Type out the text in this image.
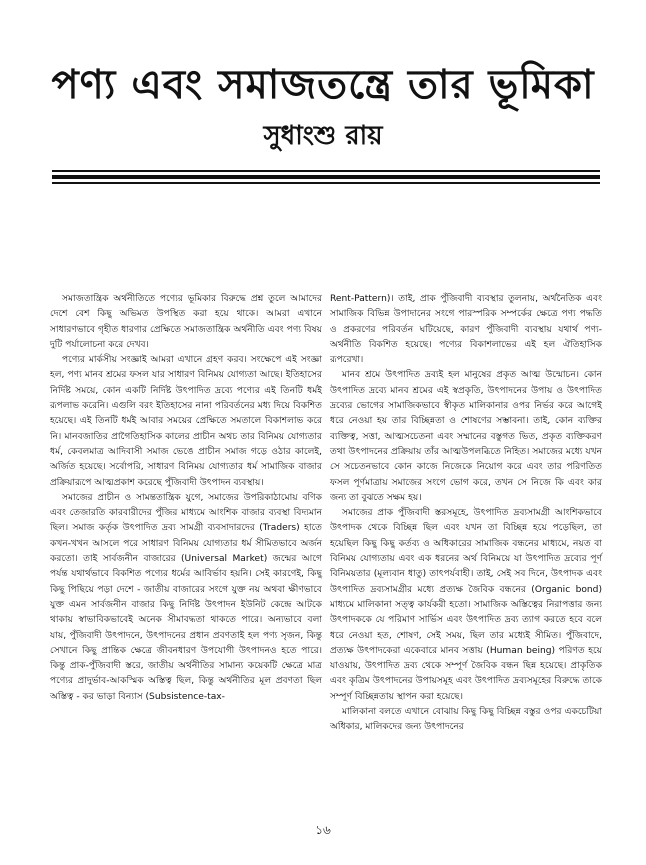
পণ্য এবং সমাজতন্ত্রে তার ভূমিকা
সুধাংশু রায়

সমাজতান্ত্রিক অর্থনীতিতে পণ্যের ভূমিকার বিরুদ্ধে প্রশ্ন তুলে আমাদের দেশে বেশ কিছু অভিমত উপস্থিত করা হয়ে থাকে। আমরা এখানে সাধারণভাবে গৃহীত ধারণার প্রেক্ষিতে সমাজতান্ত্রিক অর্থনীতি এবং পণ্য বিষয় দুটি পর্যালোচনা করে দেখব।

পণ্যের মার্কসীয় সংজ্ঞাই আমরা এখানে গ্রহণ করব। সংক্ষেপে এই সংজ্ঞা হল, পণ্য মানব শ্রমের ফসল যার সাধারণ বিনিময় যোগ্যতা আছে। ইতিহাসের নির্দিষ্ট সময়ে, কোন একটি নির্দিষ্ট উৎপাদিত দ্রব্যে পণ্যের এই তিনটি ধর্মই রূপলাভ করেনি। এগুলি বরং ইতিহাসের নানা পরিবর্তনের মধ্য দিয়ে বিকশিত হয়েছে। এই তিনটি ধর্মই আবার সময়ের প্রেক্ষিতে সমতালে বিকাশলাভ করে নি। মানবজাতির প্রাগৈতিহাসিক কালের প্রাচীন অথচ তার বিনিময় যোগ্যতার ধর্ম, কেবলমাত্র আদিবাসী সমাজ ভেঙে প্রাচীন সমাজ গড়ে ওঠার কালেই, অর্জিত হয়েছে। সর্বোপরি, সাধারণ বিনিময় যোগ্যতার ধর্ম সামাজিক বাজার প্রক্রিয়ারূপে আত্মপ্রকাশ করেছে পুঁজিবাদী উৎপাদন ব্যবস্থায়।

সমাজের প্রাচীন ও সামন্ততান্ত্রিক যুগে, সমাজের উপরিকাঠামোয় বণিক এবং তেজারতি কারবারীদের পুঁজির মাধ্যমে আংশিক বাজার ব্যবস্থা বিদ্যমান ছিল। সমাজ কর্তৃক উৎপাদিত দ্রব্য সামগ্রী ব্যবসাদারদের (Traders) হাতে কখন-খখন আসলে পরে সাধারণ বিনিময় যোগ্যতার ধর্ম সীমিতভাবে অর্জন করতো। তাই সার্বজনীন বাজারের (Universal Market) জন্মের আগে পর্যন্ত যথার্থভাবে বিকশিত পণ্যের ধর্মের আবির্ভাব হয়নি। সেই কারণেই, কিছু কিছু পিছিয়ে পড়া দেশে - জাতীয় বাজারের সংগে যুক্ত নয় অথবা ক্ষীণভাবে যুক্ত এমন সার্বজনীন বাজার কিছু নির্দিষ্ট উৎপাদন ইউনিট কেন্দ্রে আটকে থাকায় স্বাভাবিকভাবেই অনেক সীমাবদ্ধতা থাকতে পারে। অন্যভাবে বলা যায়, পুঁজিবাদী উৎপাদনে, উৎপাদনের প্রধান প্রবণতাই হল পণ্য সৃজন, কিন্তু সেখানে কিছু প্রান্তিক ক্ষেত্রে জীবনধারণ উপযোগী উৎপাদনও হতে পারে। কিন্তু প্রাক-পুঁজিবাদী স্তরে, জাতীয় অর্থনীতির সামান্য কয়েকটি ক্ষেত্রে মাত্র পণ্যের প্রাদুর্ভাব-আকস্মিক অস্তিত্ব ছিল, কিন্তু অর্থনীতির মূল প্রবণতা ছিল অস্তিত্ব - কর ভাড়া বিন্যাস (Subsistence-tax-

Rent-Pattern)। তাই, প্রাক পুঁজিবাদী ব্যবস্থার তুলনায়, অর্থনৈতিক এবং সামাজিক বিভিন্ন উপাদানের সংগে পারস্পরিক সম্পর্কের ক্ষেত্রে পণ্য পদ্ধতি ও প্রকরণের পরিবর্তন ঘটিয়েছে, কারণ পুঁজিবাদী ব্যবস্থায় যথার্থ পণ্য-অর্থনীতি বিকশিত হয়েছে। পণ্যের বিকাশলাভের এই হল ঐতিহাসিক রূপরেখা।

মানব শ্রমে উৎপাদিত দ্রব্যই হল মানুষের প্রকৃত আত্ম উন্মোচন। কোন উৎপাদিত দ্রব্যে মানব শ্রমের এই স্বপ্রকৃতি, উৎপাদনের উপায় ও উৎপাদিত দ্রব্যের ভোগের সামাজিকভাবে স্বীকৃত মালিকানার ওপর নির্ভর করে আগেই ধরে নেওয়া হয় তার বিচ্ছিন্নতা ও শোষণের সম্ভাবনা। তাই, কোন ব্যক্তির ব্যক্তিত্ব, সত্তা, আত্মসচেতনা এবং সম্মানের বস্তুগত ভিত, প্রকৃত ব্যক্তিকরণ তথা উৎপাদনের প্রক্রিয়ায় তাঁর আত্মউপলব্ধিতে নিহিত। সমাজের মধ্যে যখন সে সচেতনভাবে কোন কাজে নিজেকে নিয়োগ করে এবং তার পরিণতিত ফসল পূর্ণমাত্রায় সমাজের সংগে ভোগ করে, তখন সে নিজে কি এবং কার জন্য তা বুঝতে সক্ষম হয়।

সমাজের প্রাক পুঁজিবাদী স্তরসমূহে, উৎপাদিত দ্রব্যসামগ্রী আংশিকভাবে উৎপাদক থেকে বিচ্ছিন্ন ছিল এবং যখন তা বিচ্ছিন্ন হয়ে পড়েছিল, তা হয়েছিল কিছু কিছু কর্তব্য ও অধিকারের সামাজিক বন্ধনের মাধ্যমে, নয়ত বা বিনিময় যোগ্যতায় এবং এক ধরনের অর্থ বিনিময়ে যা উৎপাদিত দ্রব্যের পূর্ণ বিনিময়তার (মূল্যবান ধাতু) তাৎপর্যবাহী। তাই, সেই সব দিনে, উৎপাদক এবং উৎপাদিত দ্রব্যসামগ্রীর মধ্যে প্রত্যক্ষ জৈবিক বন্ধনের (Organic bond) মাধ্যমে মালিকানা সত্ত্ব কার্যকরী হতো। সামাজিক অস্তিত্বের নিরাপত্তার জন্য উৎপাদককে যে পরিমাণ সার্ভিস এবং উৎপাদিত দ্রব্য ত্যাগ করতে হবে বলে ধরে নেওয়া হত, শোষণ, সেই সময়, ছিল তার মধ্যেই সীমিত। পুঁজিবাদে, প্রত্যক্ষ উৎপাদকেরা একেবারে মানব সত্তায় (Human being) পরিণত হয়ে যাওয়ায়, উৎপাদিত দ্রব্য থেকে সম্পূর্ণ জৈবিক বন্ধন ছিন্ন হয়েছে। প্রাকৃতিক এবং কৃত্রিম উৎপাদনের উপায়সমূহ এবং উৎপাদিত দ্রব্যসমূহের বিরুদ্ধে তাকে সম্পূর্ণ বিচ্ছিন্নতায় স্থাপন করা হয়েছে।

মালিকানা বলতে এখানে বোঝায় কিছু কিছু বিচ্ছিন্ন বস্তুর ওপর একচেটিয়া অধিকার, মালিকদের জন্য উৎপাদনের

১৬
